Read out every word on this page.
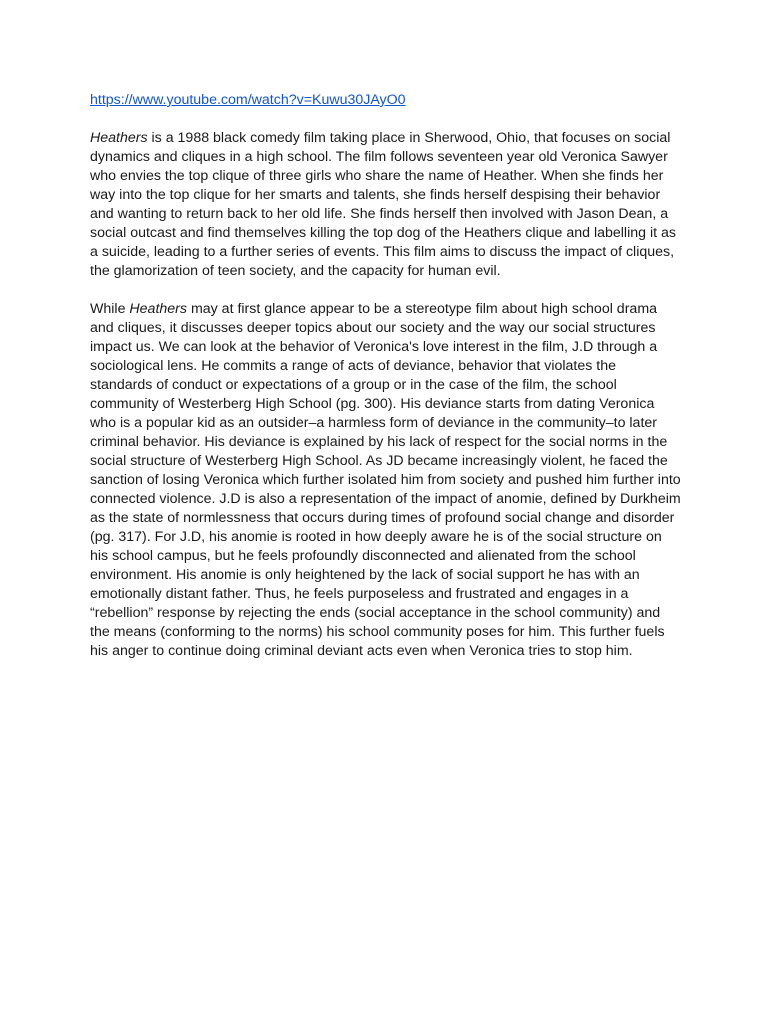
https://www.youtube.com/watch?v=Kuwu30JAyO0

Heathers is a 1988 black comedy film taking place in Sherwood, Ohio, that focuses on social dynamics and cliques in a high school. The film follows seventeen year old Veronica Sawyer who envies the top clique of three girls who share the name of Heather. When she finds her way into the top clique for her smarts and talents, she finds herself despising their behavior and wanting to return back to her old life. She finds herself then involved with Jason Dean, a social outcast and find themselves killing the top dog of the Heathers clique and labelling it as a suicide, leading to a further series of events. This film aims to discuss the impact of cliques, the glamorization of teen society, and the capacity for human evil.

While Heathers may at first glance appear to be a stereotype film about high school drama and cliques, it discusses deeper topics about our society and the way our social structures impact us. We can look at the behavior of Veronica's love interest in the film, J.D through a sociological lens. He commits a range of acts of deviance, behavior that violates the standards of conduct or expectations of a group or in the case of the film, the school community of Westerberg High School (pg. 300). His deviance starts from dating Veronica who is a popular kid as an outsider–a harmless form of deviance in the community–to later criminal behavior. His deviance is explained by his lack of respect for the social norms in the social structure of Westerberg High School. As JD became increasingly violent, he faced the sanction of losing Veronica which further isolated him from society and pushed him further into connected violence. J.D is also a representation of the impact of anomie, defined by Durkheim as the state of normlessness that occurs during times of profound social change and disorder (pg. 317). For J.D, his anomie is rooted in how deeply aware he is of the social structure on his school campus, but he feels profoundly disconnected and alienated from the school environment. His anomie is only heightened by the lack of social support he has with an emotionally distant father. Thus, he feels purposeless and frustrated and engages in a “rebellion” response by rejecting the ends (social acceptance in the school community) and the means (conforming to the norms) his school community poses for him. This further fuels his anger to continue doing criminal deviant acts even when Veronica tries to stop him.
